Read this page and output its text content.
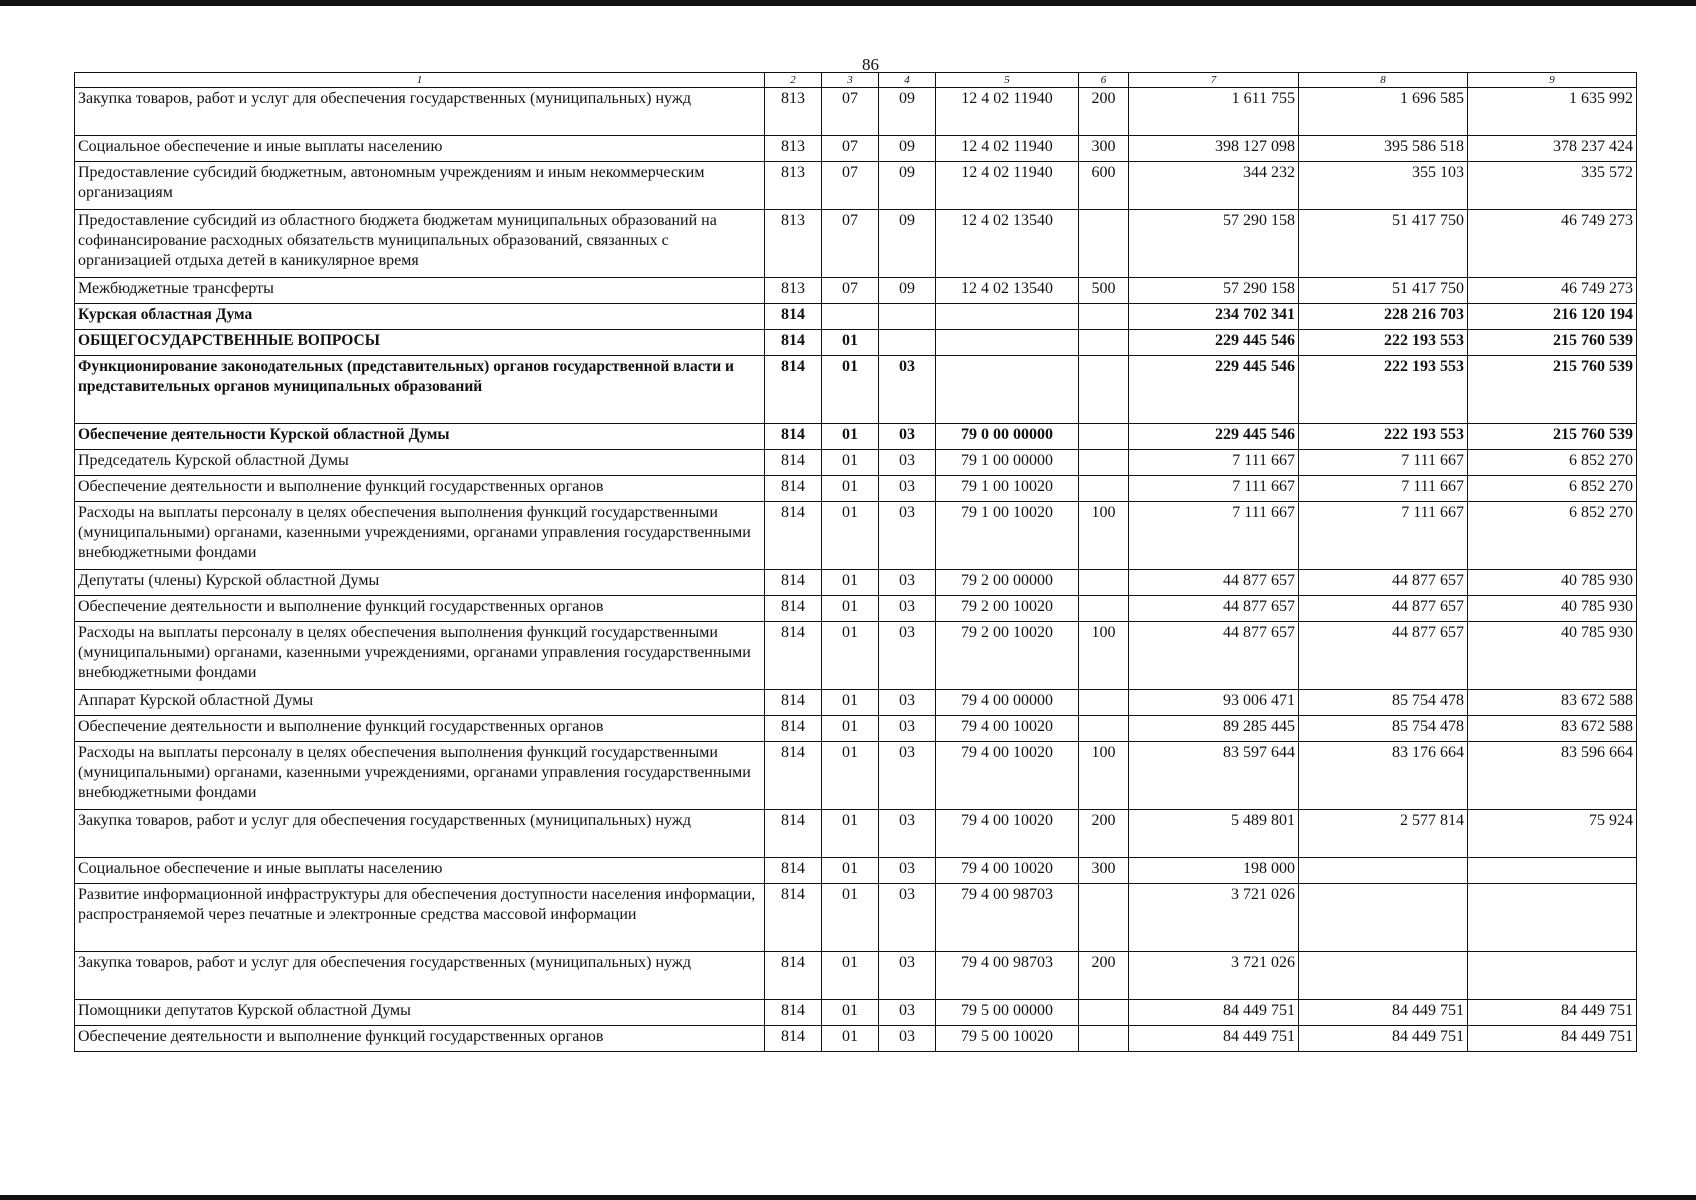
86
1	2	3	4	5	6	7	8	9
Закупка товаров, работ и услуг для обеспечения государственных (муниципальных) нужд	813	07	09	12 4 02 11940	200	1 611 755	1 696 585	1 635 992
Социальное обеспечение и иные выплаты населению	813	07	09	12 4 02 11940	300	398 127 098	395 586 518	378 237 424
Предоставление субсидий бюджетным, автономным учреждениям и иным некоммерческим организациям	813	07	09	12 4 02 11940	600	344 232	355 103	335 572
Предоставление субсидий из областного бюджета бюджетам муниципальных образований на софинансирование расходных обязательств муниципальных образований, связанных с организацией отдыха детей в каникулярное время	813	07	09	12 4 02 13540		57 290 158	51 417 750	46 749 273
Межбюджетные трансферты	813	07	09	12 4 02 13540	500	57 290 158	51 417 750	46 749 273
Курская областная Дума	814					234 702 341	228 216 703	216 120 194
ОБЩЕГОСУДАРСТВЕННЫЕ ВОПРОСЫ	814	01				229 445 546	222 193 553	215 760 539
Функционирование законодательных (представительных) органов государственной власти и представительных органов муниципальных образований	814	01	03			229 445 546	222 193 553	215 760 539
Обеспечение деятельности Курской областной Думы	814	01	03	79 0 00 00000		229 445 546	222 193 553	215 760 539
Председатель Курской областной Думы	814	01	03	79 1 00 00000		7 111 667	7 111 667	6 852 270
Обеспечение деятельности и выполнение функций государственных органов	814	01	03	79 1 00 10020		7 111 667	7 111 667	6 852 270
Расходы на выплаты персоналу в целях обеспечения выполнения функций государственными (муниципальными) органами, казенными учреждениями, органами управления государственными внебюджетными фондами	814	01	03	79 1 00 10020	100	7 111 667	7 111 667	6 852 270
Депутаты (члены) Курской областной Думы	814	01	03	79 2 00 00000		44 877 657	44 877 657	40 785 930
Обеспечение деятельности и выполнение функций государственных органов	814	01	03	79 2 00 10020		44 877 657	44 877 657	40 785 930
Расходы на выплаты персоналу в целях обеспечения выполнения функций государственными (муниципальными) органами, казенными учреждениями, органами управления государственными внебюджетными фондами	814	01	03	79 2 00 10020	100	44 877 657	44 877 657	40 785 930
Аппарат Курской областной Думы	814	01	03	79 4 00 00000		93 006 471	85 754 478	83 672 588
Обеспечение деятельности и выполнение функций государственных органов	814	01	03	79 4 00 10020		89 285 445	85 754 478	83 672 588
Расходы на выплаты персоналу в целях обеспечения выполнения функций государственными (муниципальными) органами, казенными учреждениями, органами управления государственными внебюджетными фондами	814	01	03	79 4 00 10020	100	83 597 644	83 176 664	83 596 664
Закупка товаров, работ и услуг для обеспечения государственных (муниципальных) нужд	814	01	03	79 4 00 10020	200	5 489 801	2 577 814	75 924
Социальное обеспечение и иные выплаты населению	814	01	03	79 4 00 10020	300	198 000		
Развитие информационной инфраструктуры для обеспечения доступности населения информации, распространяемой через печатные и электронные средства массовой информации	814	01	03	79 4 00 98703		3 721 026		
Закупка товаров, работ и услуг для обеспечения государственных (муниципальных) нужд	814	01	03	79 4 00 98703	200	3 721 026		
Помощники депутатов Курской областной Думы	814	01	03	79 5 00 00000		84 449 751	84 449 751	84 449 751
Обеспечение деятельности и выполнение функций государственных органов	814	01	03	79 5 00 10020		84 449 751	84 449 751	84 449 751
